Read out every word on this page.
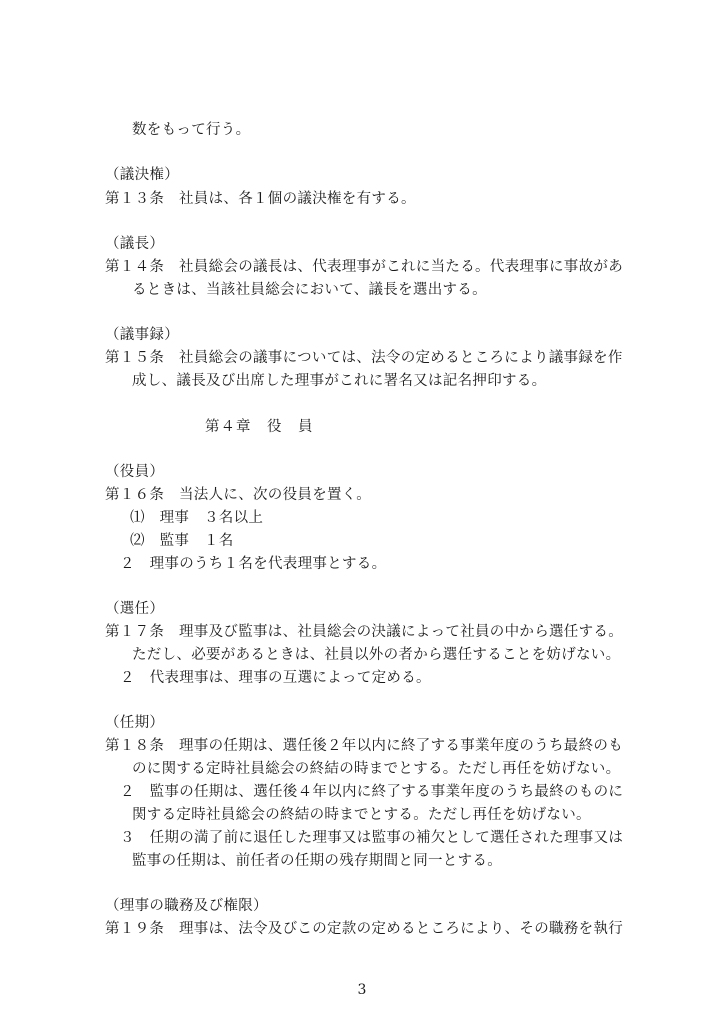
数をもって行う。
（議決権）
第１３条　社員は、各１個の議決権を有する。
（議長）
第１４条　社員総会の議長は、代表理事がこれに当たる。代表理事に事故があ
るときは、当該社員総会において、議長を選出する。
（議事録）
第１５条　社員総会の議事については、法令の定めるところにより議事録を作
成し、議長及び出席した理事がこれに署名又は記名押印する。
第４章　役　員
（役員）
第１６条　当法人に、次の役員を置く。
⑴　理事　３名以上
⑵　監事　１名
２　理事のうち１名を代表理事とする。
（選任）
第１７条　理事及び監事は、社員総会の決議によって社員の中から選任する。
ただし、必要があるときは、社員以外の者から選任することを妨げない。
２　代表理事は、理事の互選によって定める。
（任期）
第１８条　理事の任期は、選任後２年以内に終了する事業年度のうち最終のも
のに関する定時社員総会の終結の時までとする。ただし再任を妨げない。
２　監事の任期は、選任後４年以内に終了する事業年度のうち最終のものに
関する定時社員総会の終結の時までとする。ただし再任を妨げない。
３　任期の満了前に退任した理事又は監事の補欠として選任された理事又は
監事の任期は、前任者の任期の残存期間と同一とする。
（理事の職務及び権限）
第１９条　理事は、法令及びこの定款の定めるところにより、その職務を執行
3
